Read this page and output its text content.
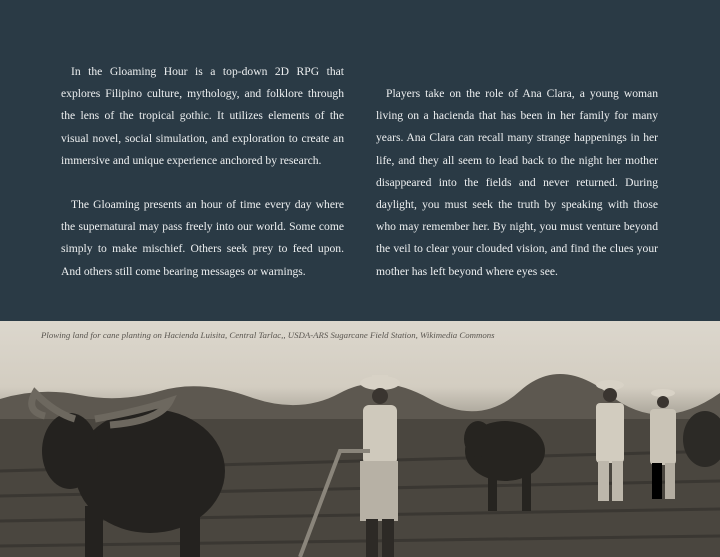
In the Gloaming Hour is a top-down 2D RPG that explores Filipino culture, mythology, and folklore through the lens of the tropical gothic. It utilizes elements of the visual novel, social simulation, and exploration to create an immersive and unique experience anchored by research.

The Gloaming presents an hour of time every day where the supernatural may pass freely into our world. Some come simply to make mischief. Others seek prey to feed upon. And others still come bearing messages or warnings.

Players take on the role of Ana Clara, a young woman living on a hacienda that has been in her family for many years. Ana Clara can recall many strange happenings in her life, and they all seem to lead back to the night her mother disappeared into the fields and never returned. During daylight, you must seek the truth by speaking with those who may remember her. By night, you must venture beyond the veil to clear your clouded vision, and find the clues your mother has left beyond where eyes see.

Plowing land for cane planting on Hacienda Luisita, Central Tarlac,, USDA-ARS Sugarcane Field Station, Wikimedia Commons
